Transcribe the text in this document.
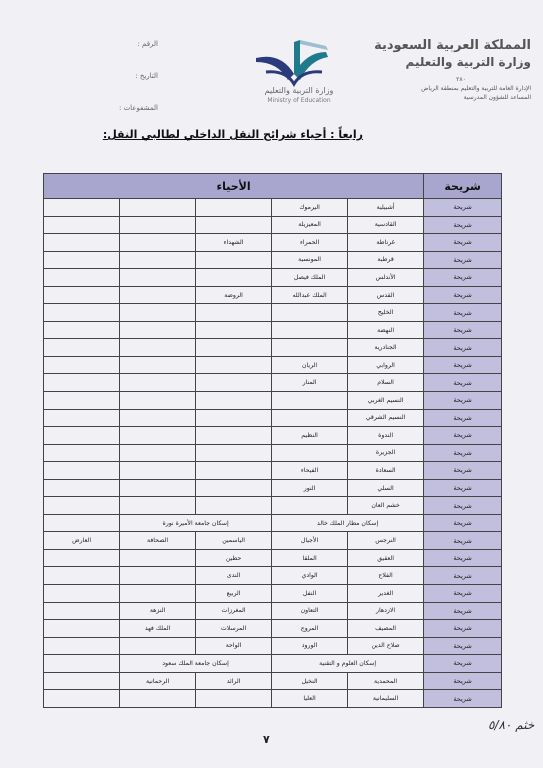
المملكة العربية السعودية
وزارة التربية والتعليم
٢٨٠
الإدارة العامة للتربية والتعليم بمنطقة الرياض
المساعد للشؤون المدرسية
وزارة التربية والتعليم
Ministry of Education
الرقم :
التاريخ :
المشفوعات :
رابعاً : أحياء شرائح النقل الداخلي لطالبي النقل:
شريحة	الأحياء					
شريحة	أشبيلية	اليرموك				
شريحة	القادسية	المعيزيلة				
شريحة	غرناطة	الحمراء	الشهداء			
شريحة	قرطبة	المونسية				
شريحة	الأندلس	الملك فيصل				
شريحة	القدس	الملك عبدالله	الروضة			
شريحة	الخليج					
شريحة	النهضة					
شريحة	الجنادرية					
شريحة	الروابي	الريان				
شريحة	السلام	المنار				
شريحة	النسيم الغربي					
شريحة	النسيم الشرقي					
شريحة	الندوة	النظيم				
شريحة	الجزيرة					
شريحة	السعادة	الفيحاء				
شريحة	السلي	النور				
شريحة	خشم العان					
شريحة	إسكان مطار الملك خالد		إسكان جامعة الأميرة نورة			
شريحة	النرجس	الأجيال	الياسمين	الصحافة	العارض	
شريحة	العقيق	الملقا	حطين			
شريحة	الفلاح	الوادي	الندى			
شريحة	الغدير	النفل	الربيع			
شريحة	الازدهار	التعاون	المغرزات	النزهة		
شريحة	المصيف	المروج	المرسلات	الملك فهد		
شريحة	صلاح الدين	الورود	الواحة			
شريحة	إسكان العلوم و التقنية		إسكان جامعة الملك سعود			
شريحة	المحمدية	النخيل	الرائد	الرحمانية		
شريحة	السليمانية	العليا				
٧
خثم ٥/٨٠
